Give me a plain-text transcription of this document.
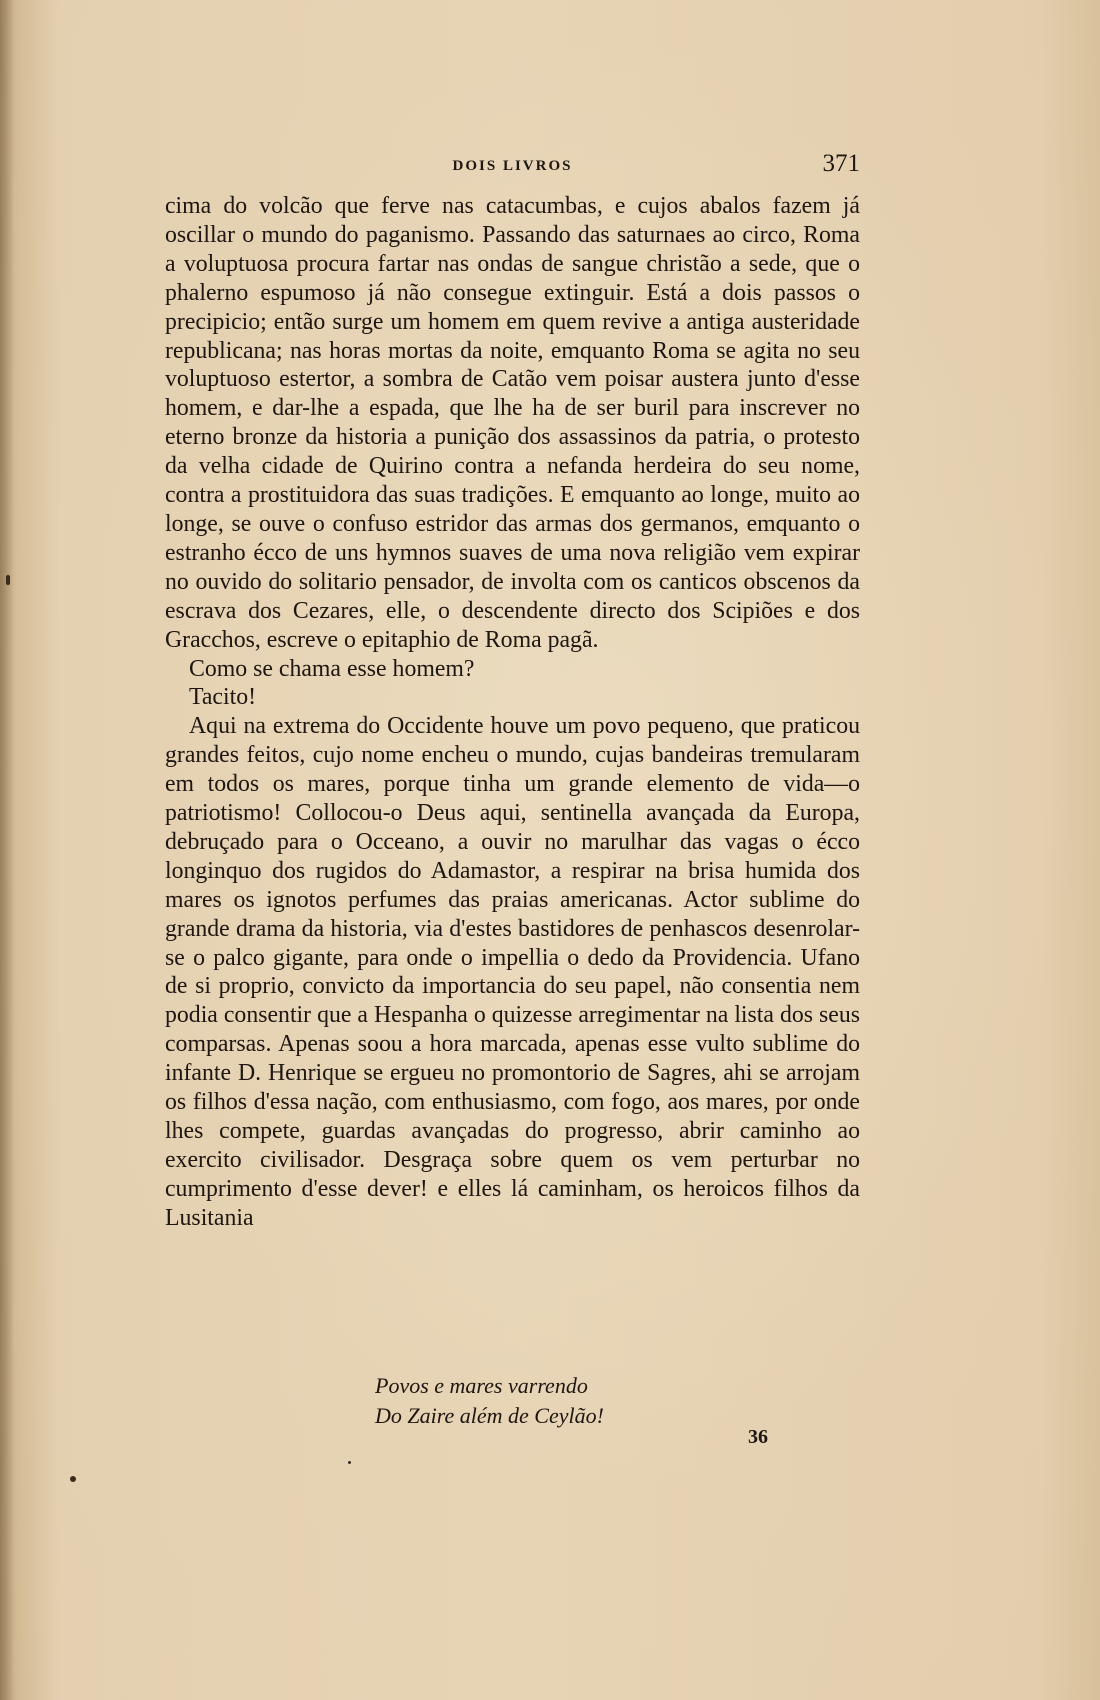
DOIS LIVROS	371

cima do volcão que ferve nas catacumbas, e cujos abalos fazem já oscillar o mundo do paganismo. Passando das saturnaes ao circo, Roma a voluptuosa procura fartar nas ondas de sangue christão a sede, que o phalerno espumoso já não consegue extinguir. Está a dois passos o precipicio; então surge um homem em quem revive a antiga austeridade republicana; nas horas mortas da noite, emquanto Roma se agita no seu voluptuoso estertor, a sombra de Catão vem poisar austera junto d'esse homem, e dar-lhe a espada, que lhe ha de ser buril para inscrever no eterno bronze da historia a punição dos assassinos da patria, o protesto da velha cidade de Quirino contra a nefanda herdeira do seu nome, contra a prostituidora das suas tradições. E emquanto ao longe, muito ao longe, se ouve o confuso estridor das armas dos germanos, emquanto o estranho écco de uns hymnos suaves de uma nova religião vem expirar no ouvido do solitario pensador, de involta com os canticos obscenos da escrava dos Cezares, elle, o descendente directo dos Scipiões e dos Gracchos, escreve o epitaphio de Roma pagã.

Como se chama esse homem?

Tacito!

Aqui na extrema do Occidente houve um povo pequeno, que praticou grandes feitos, cujo nome encheu o mundo, cujas bandeiras tremularam em todos os mares, porque tinha um grande elemento de vida—o patriotismo! Collocou-o Deus aqui, sentinella avançada da Europa, debruçado para o Occeano, a ouvir no marulhar das vagas o écco longinquo dos rugidos do Adamastor, a respirar na brisa humida dos mares os ignotos perfumes das praias americanas. Actor sublime do grande drama da historia, via d'estes bastidores de penhascos desenrolar-se o palco gigante, para onde o impellia o dedo da Providencia. Ufano de si proprio, convicto da importancia do seu papel, não consentia nem podia consentir que a Hespanha o quizesse arregimentar na lista dos seus comparsas. Apenas soou a hora marcada, apenas esse vulto sublime do infante D. Henrique se ergueu no promontorio de Sagres, ahi se arrojam os filhos d'essa nação, com enthusiasmo, com fogo, aos mares, por onde lhes compete, guardas avançadas do progresso, abrir caminho ao exercito civilisador. Desgraça sobre quem os vem perturbar no cumprimento d'esse dever! e elles lá caminham, os heroicos filhos da Lusitania

Povos e mares varrendo
Do Zaire além de Ceylão!
36
